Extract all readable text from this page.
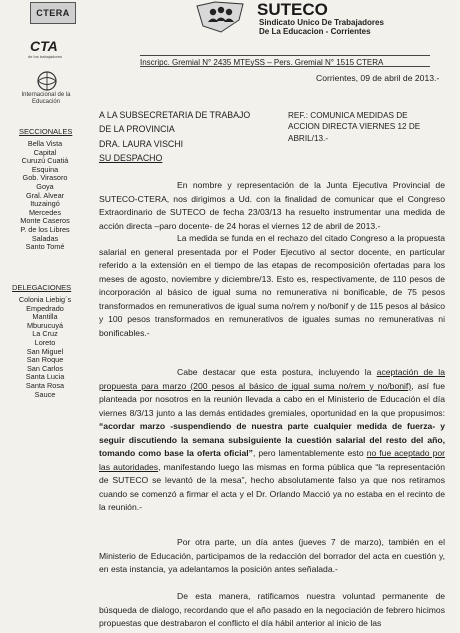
CTERA
CTA
de los trabajadores
Internacional de la Educación
SUTECO
Sindicato Unico De Trabajadores
De La Educacion - Corrientes
Inscripc. Gremial N° 2435 MTEySS – Pers. Gremial N° 1515 CTERA
SECCIONALES
Bella Vista
Capital
Curuzú Cuatiá
Esquina
Gob. Virasoro
Goya
Gral. Alvear
Ituzaingó
Mercedes
Monte Caseros
P. de los Libres
Saladas
Santo Tomé
DELEGACIONES
Colonia Liebig´s
Empedrado
Mantilla
Mburucuyá
La Cruz
Loreto
San Miguel
San Roque
San Carlos
Santa Lucia
Santa Rosa
Sauce
Corrientes, 09 de abril de 2013.-
A LA SUBSECRETARIA DE TRABAJO
DE LA PROVINCIA
DRA. LAURA VISCHI
SU DESPACHO
REF.: COMUNICA MEDIDAS DE
ACCION DIRECTA VIERNES 12 DE
ABRIL/13.-

En nombre y representación de la Junta Ejecutiva Provincial de SUTECO-CTERA, nos dirigimos a Ud. con la finalidad de comunicar que el Congreso Extraordinario de SUTECO de fecha 23/03/13 ha resuelto instrumentar una medida de acción directa –paro docente- de 24 horas el viernes 12 de abril de 2013.-

La medida se funda en el rechazo del citado Congreso a la propuesta salarial en general presentada por el Poder Ejecutivo al sector docente, en particular referido a la extensión en el tiempo de las etapas de recomposición ofertadas para los meses de agosto, noviembre y diciembre/13. Esto es, respectivamente, de 110 pesos de incorporación al básico de igual suma no remunerativa ni bonificable, de 75 pesos transformados en remunerativos de igual suma no/rem y no/bonif y de 115 pesos al básico y 100 pesos transformados en remunerativos de iguales sumas no remunerativas ni bonificables.-

Cabe destacar que esta postura, incluyendo la aceptación de la propuesta para marzo (200 pesos al básico de igual suma no/rem y no/bonif), así fue planteada por nosotros en la reunión llevada a cabo en el Ministerio de Educación el día viernes 8/3/13 junto a las demás entidades gremiales, oportunidad en la que propusimos: “acordar marzo -suspendiendo de nuestra parte cualquier medida de fuerza- y seguir discutiendo la semana subsiguiente la cuestión salarial del resto del año, tomando como base la oferta oficial”, pero lamentablemente esto no fue aceptado por las autoridades, manifestando luego las mismas en forma pública que “la representación de SUTECO se levantó de la mesa”, hecho absolutamente falso ya que nos retiramos cuando se comenzó a firmar el acta y el Dr. Orlando Macció ya no estaba en el recinto de la reunión.-

Por otra parte, un día antes (jueves 7 de marzo), también en el Ministerio de Educación, participamos de la redacción del borrador del acta en cuestión y, en esta instancia, ya adelantamos la posición antes señalada.-

De esta manera, ratificamos nuestra voluntad permanente de búsqueda de dialogo, recordando que el año pasado en la negociación de febrero hicimos propuestas que destrabaron el conflicto el día hábil anterior al inicio de las
